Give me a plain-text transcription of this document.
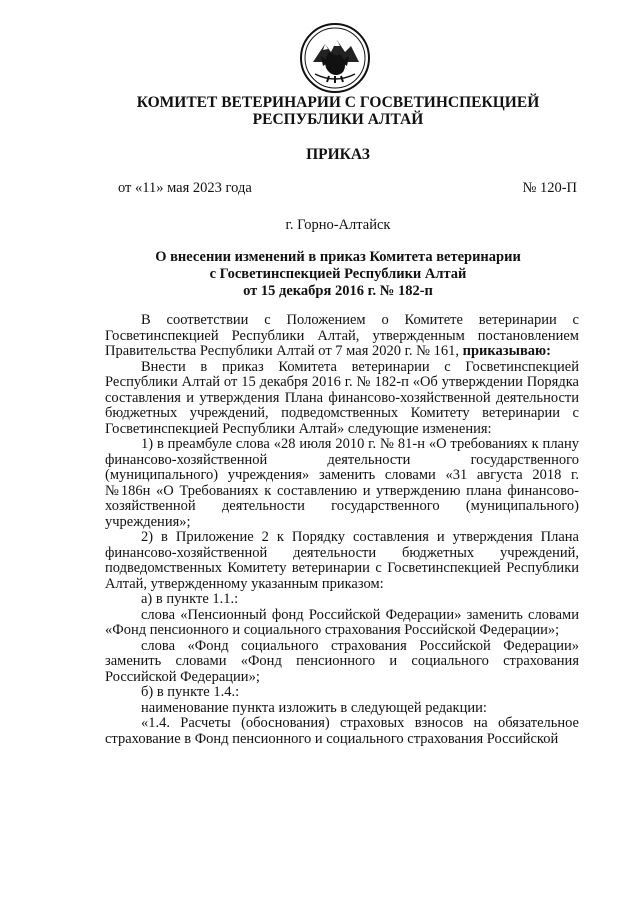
КОМИТЕТ ВЕТЕРИНАРИИ С ГОСВЕТИНСПЕКЦИЕЙ
РЕСПУБЛИКИ АЛТАЙ
ПРИКАЗ
от «11» мая 2023 года	№ 120-П
г. Горно-Алтайск
О внесении изменений в приказ Комитета ветеринарии
с Госветинспекцией Республики Алтай
от 15 декабря 2016 г. № 182-п

В соответствии с Положением о Комитете ветеринарии с Госветинспекцией Республики Алтай, утвержденным постановлением Правительства Республики Алтай от 7 мая 2020 г. № 161, приказываю:

Внести в приказ Комитета ветеринарии с Госветинспекцией Республики Алтай от 15 декабря 2016 г. № 182-п «Об утверждении Порядка составления и утверждения Плана финансово-хозяйственной деятельности бюджетных учреждений, подведомственных Комитету ветеринарии с Госветинспекцией Республики Алтай» следующие изменения:

1) в преамбуле слова «28 июля 2010 г. № 81-н «О требованиях к плану финансово-хозяйственной деятельности государственного (муниципального) учреждения» заменить словами «31 августа 2018 г. №186н «О Требованиях к составлению и утверждению плана финансово-хозяйственной деятельности государственного (муниципального) учреждения»;

2) в Приложение 2 к Порядку составления и утверждения Плана финансово-хозяйственной деятельности бюджетных учреждений, подведомственных Комитету ветеринарии с Госветинспекцией Республики Алтай, утвержденному указанным приказом:

а) в пункте 1.1.:

слова «Пенсионный фонд Российской Федерации» заменить словами «Фонд пенсионного и социального страхования Российской Федерации»;

слова «Фонд социального страхования Российской Федерации» заменить словами «Фонд пенсионного и социального страхования Российской Федерации»;

б) в пункте 1.4.:

наименование пункта изложить в следующей редакции:

«1.4. Расчеты (обоснования) страховых взносов на обязательное страхование в Фонд пенсионного и социального страхования Российской
